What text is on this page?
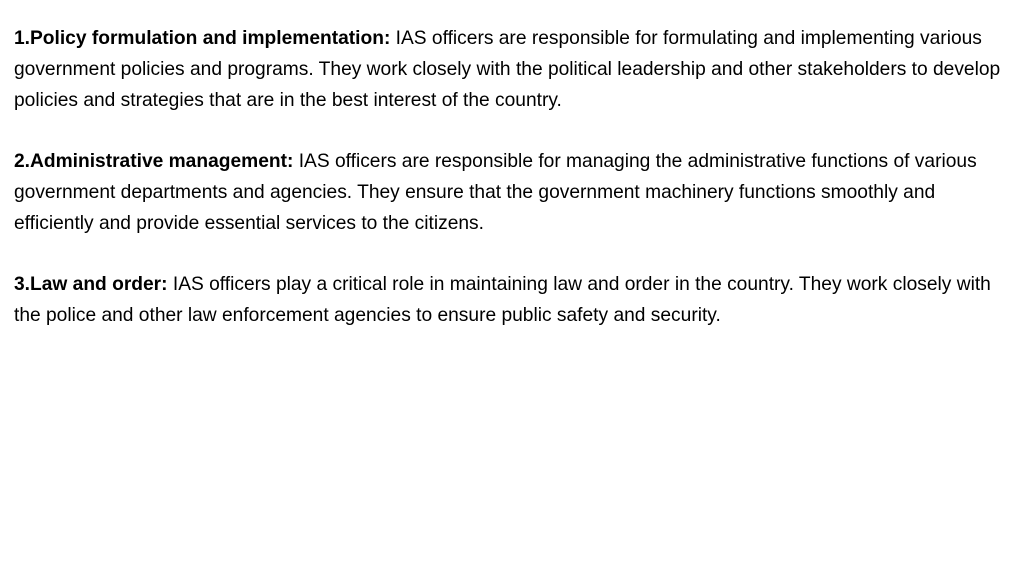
1.Policy formulation and implementation: IAS officers are responsible for formulating and implementing various government policies and programs. They work closely with the political leadership and other stakeholders to develop policies and strategies that are in the best interest of the country.

2.Administrative management: IAS officers are responsible for managing the administrative functions of various government departments and agencies. They ensure that the government machinery functions smoothly and efficiently and provide essential services to the citizens.

3.Law and order: IAS officers play a critical role in maintaining law and order in the country. They work closely with the police and other law enforcement agencies to ensure public safety and security.
